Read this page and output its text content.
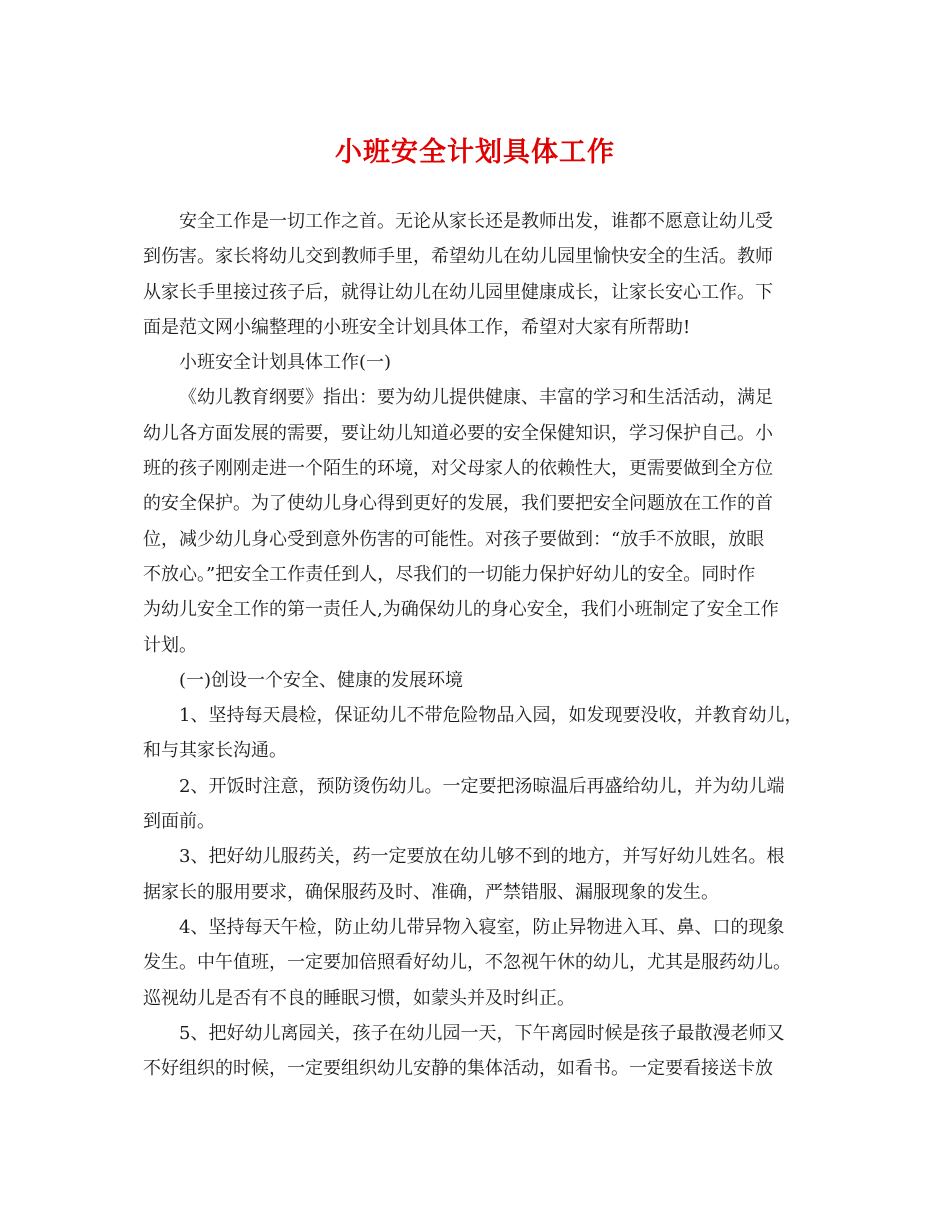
小班安全计划具体工作

安全工作是一切工作之首。无论从家长还是教师出发，谁都不愿意让幼儿受
到伤害。家长将幼儿交到教师手里，希望幼儿在幼儿园里愉快安全的生活。教师
从家长手里接过孩子后，就得让幼儿在幼儿园里健康成长，让家长安心工作。下
面是范文网小编整理的小班安全计划具体工作，希望对大家有所帮助!

小班安全计划具体工作(一)

《幼儿教育纲要》指出：要为幼儿提供健康、丰富的学习和生活活动，满足
幼儿各方面发展的需要，要让幼儿知道必要的安全保健知识，学习保护自己。小
班的孩子刚刚走进一个陌生的环境，对父母家人的依赖性大，更需要做到全方位
的安全保护。为了使幼儿身心得到更好的发展，我们要把安全问题放在工作的首
位，减少幼儿身心受到意外伤害的可能性。对孩子要做到：“放手不放眼，放眼
不放心。”把安全工作责任到人，尽我们的一切能力保护好幼儿的安全。同时作
为幼儿安全工作的第一责任人,为确保幼儿的身心安全，我们小班制定了安全工作
计划。

(一)创设一个安全、健康的发展环境

1、坚持每天晨检，保证幼儿不带危险物品入园，如发现要没收，并教育幼儿，
和与其家长沟通。

2、开饭时注意，预防烫伤幼儿。一定要把汤晾温后再盛给幼儿，并为幼儿端
到面前。

3、把好幼儿服药关，药一定要放在幼儿够不到的地方，并写好幼儿姓名。根
据家长的服用要求，确保服药及时、准确，严禁错服、漏服现象的发生。

4、坚持每天午检，防止幼儿带异物入寝室，防止异物进入耳、鼻、口的现象
发生。中午值班，一定要加倍照看好幼儿，不忽视午休的幼儿，尤其是服药幼儿。
巡视幼儿是否有不良的睡眠习惯，如蒙头并及时纠正。

5、把好幼儿离园关，孩子在幼儿园一天，下午离园时候是孩子最散漫老师又
不好组织的时候，一定要组织幼儿安静的集体活动，如看书。一定要看接送卡放
